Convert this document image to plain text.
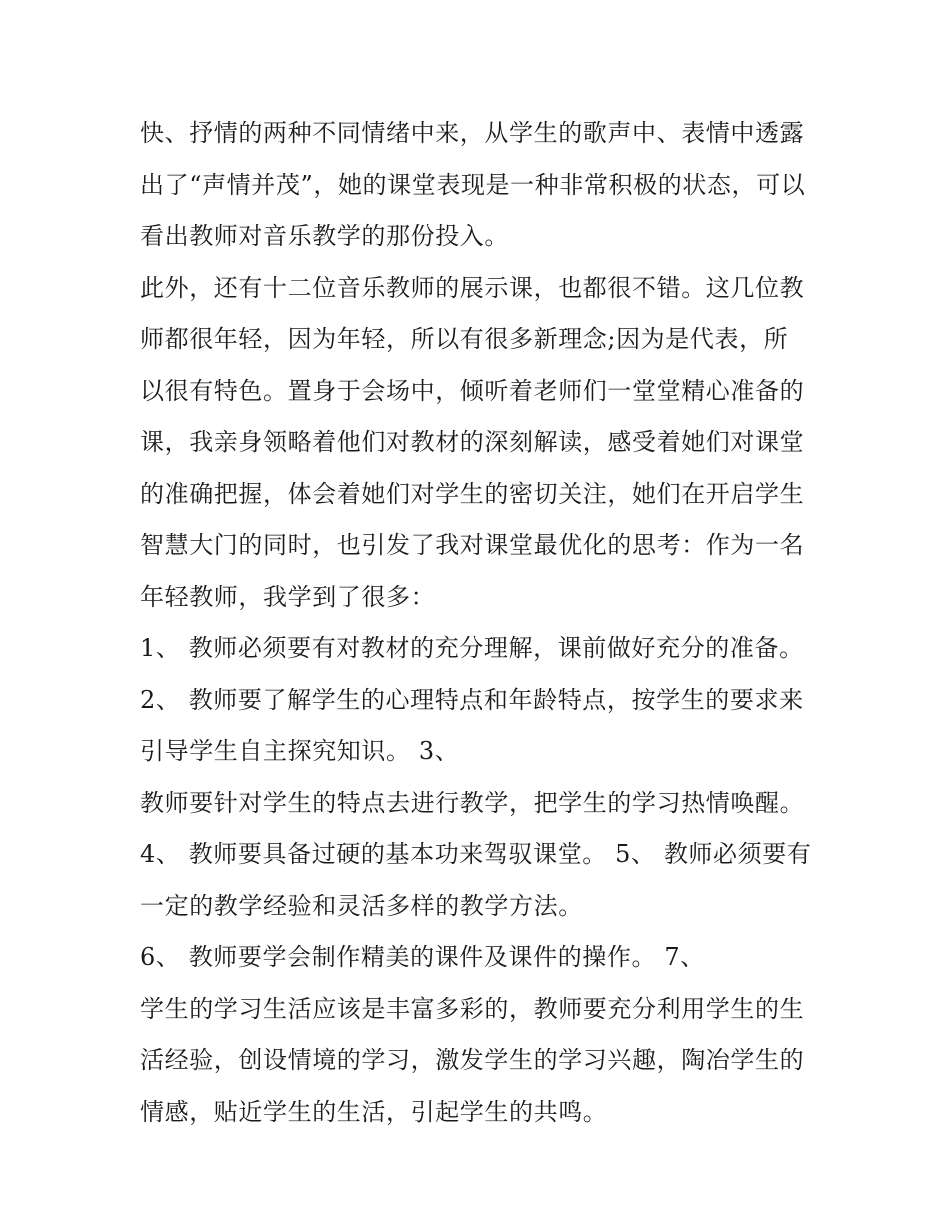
快、抒情的两种不同情绪中来，从学生的歌声中、表情中透露
出了“声情并茂”，她的课堂表现是一种非常积极的状态，可以
看出教师对音乐教学的那份投入。
此外，还有十二位音乐教师的展示课，也都很不错。这几位教
师都很年轻，因为年轻，所以有很多新理念;因为是代表，所
以很有特色。置身于会场中，倾听着老师们一堂堂精心准备的
课，我亲身领略着他们对教材的深刻解读，感受着她们对课堂
的准确把握，体会着她们对学生的密切关注，她们在开启学生
智慧大门的同时，也引发了我对课堂最优化的思考：作为一名
年轻教师，我学到了很多：
1、 教师必须要有对教材的充分理解，课前做好充分的准备。
2、 教师要了解学生的心理特点和年龄特点，按学生的要求来
引导学生自主探究知识。 3、
教师要针对学生的特点去进行教学，把学生的学习热情唤醒。
4、 教师要具备过硬的基本功来驾驭课堂。 5、 教师必须要有
一定的教学经验和灵活多样的教学方法。
6、 教师要学会制作精美的课件及课件的操作。 7、
学生的学习生活应该是丰富多彩的，教师要充分利用学生的生
活经验，创设情境的学习，激发学生的学习兴趣，陶冶学生的
情感，贴近学生的生活，引起学生的共鸣。
